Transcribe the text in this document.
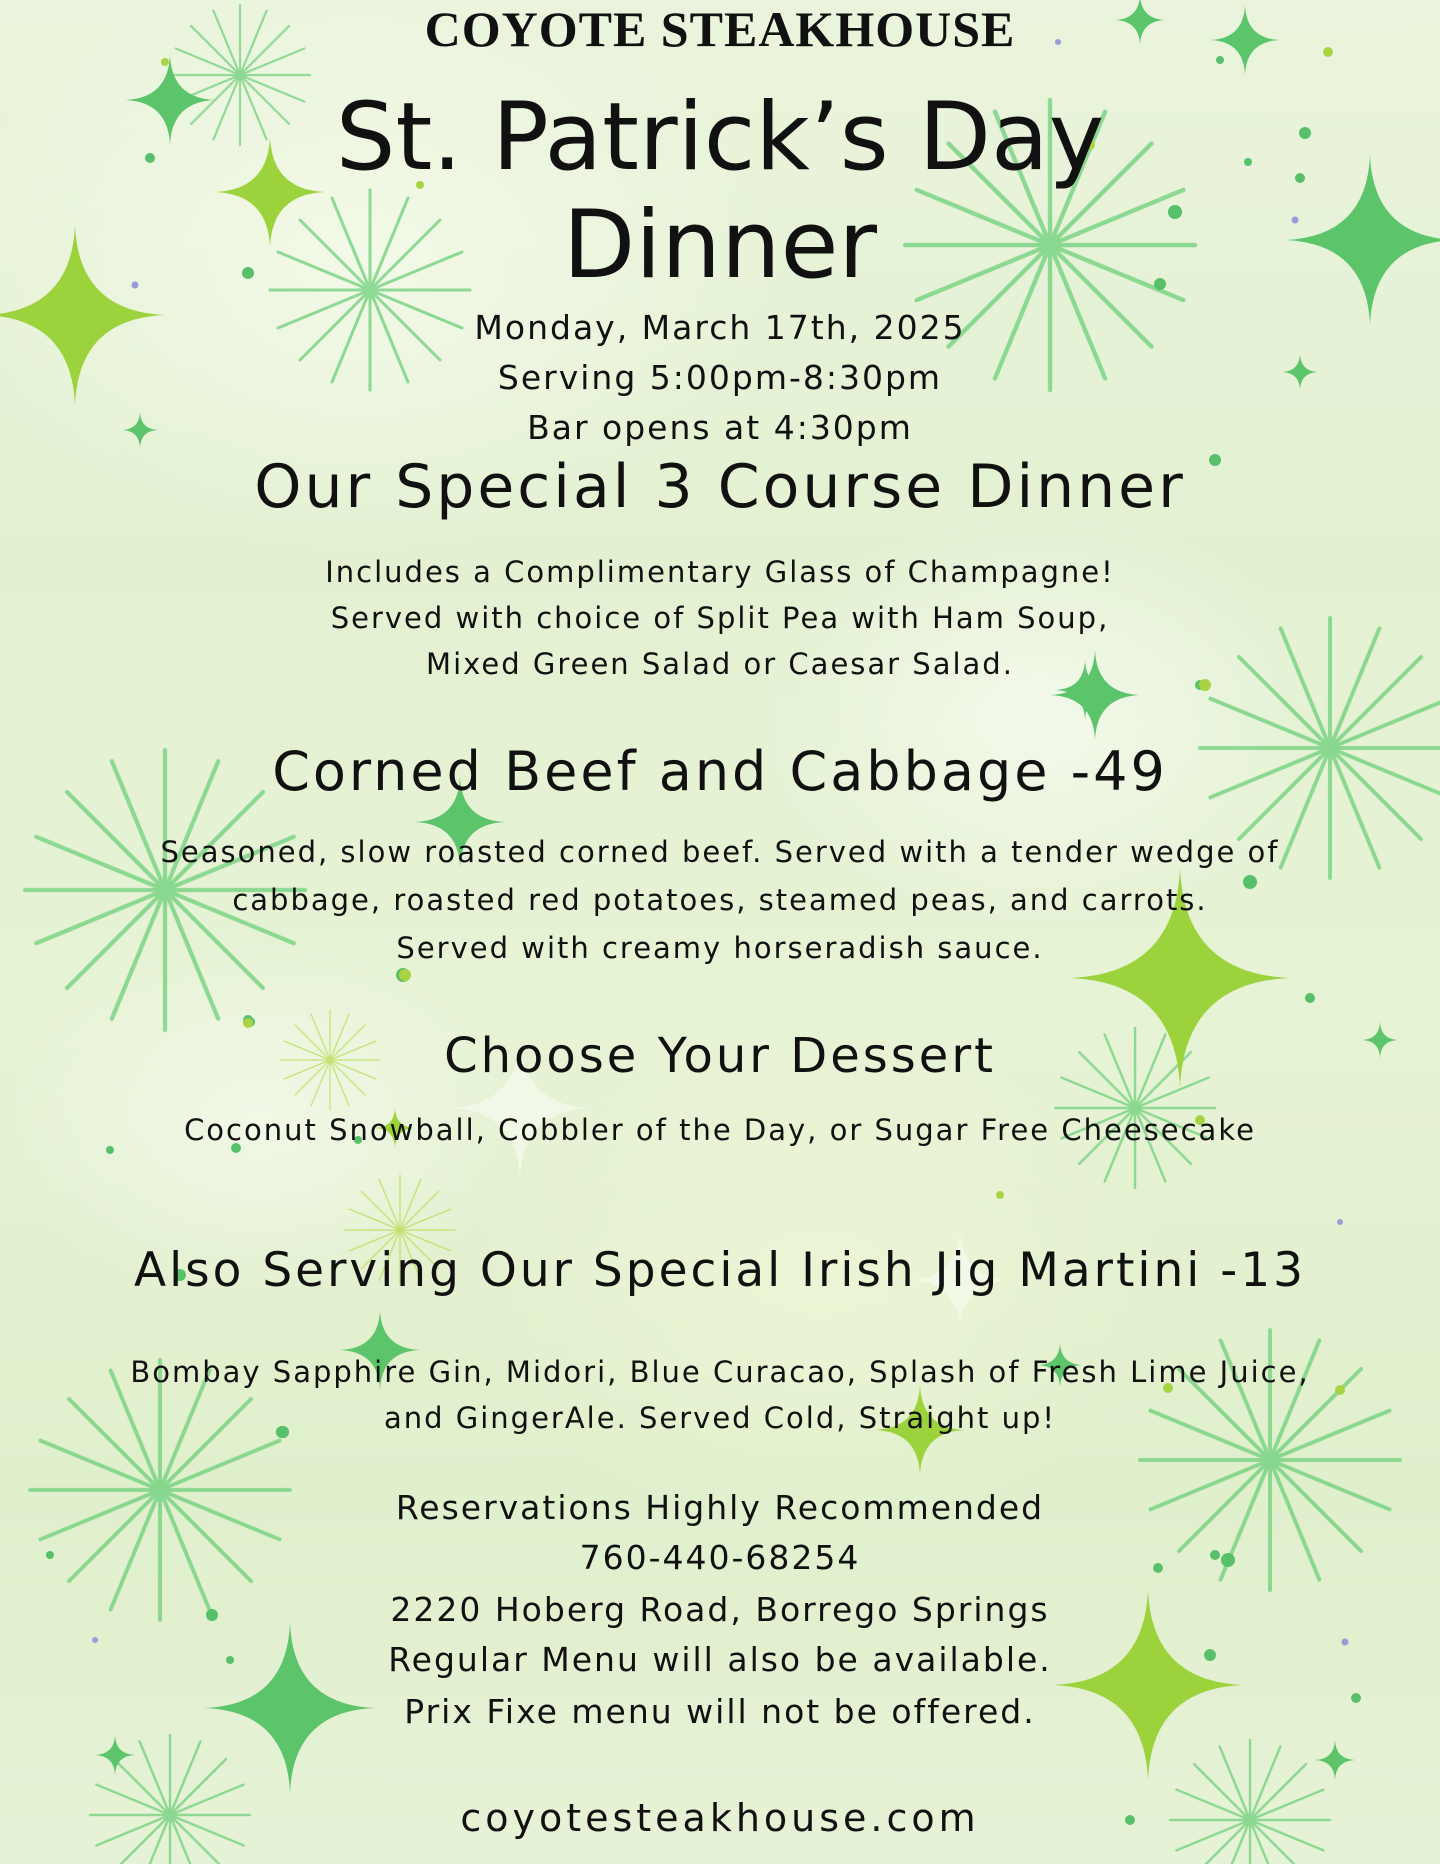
COYOTE STEAKHOUSE
St. Patrick’s Day
Dinner
Monday, March 17th, 2025
Serving 5:00pm-8:30pm
Bar opens at 4:30pm
Our Special 3 Course Dinner
Includes a Complimentary Glass of Champagne!
Served with choice of Split Pea with Ham Soup,
Mixed Green Salad or Caesar Salad.
Corned Beef and Cabbage -49
Seasoned, slow roasted corned beef. Served with a tender wedge of
cabbage, roasted red potatoes, steamed peas, and carrots.
Served with creamy horseradish sauce.
Choose Your Dessert
Coconut Snowball, Cobbler of the Day, or Sugar Free Cheesecake
Also Serving Our Special Irish Jig Martini -13
Bombay Sapphire Gin, Midori, Blue Curacao, Splash of Fresh Lime Juice,
and GingerAle. Served Cold, Straight up!
Reservations Highly Recommended
760-440-68254
2220 Hoberg Road, Borrego Springs
Regular Menu will also be available.
Prix Fixe menu will not be offered.
coyotesteakhouse.com
